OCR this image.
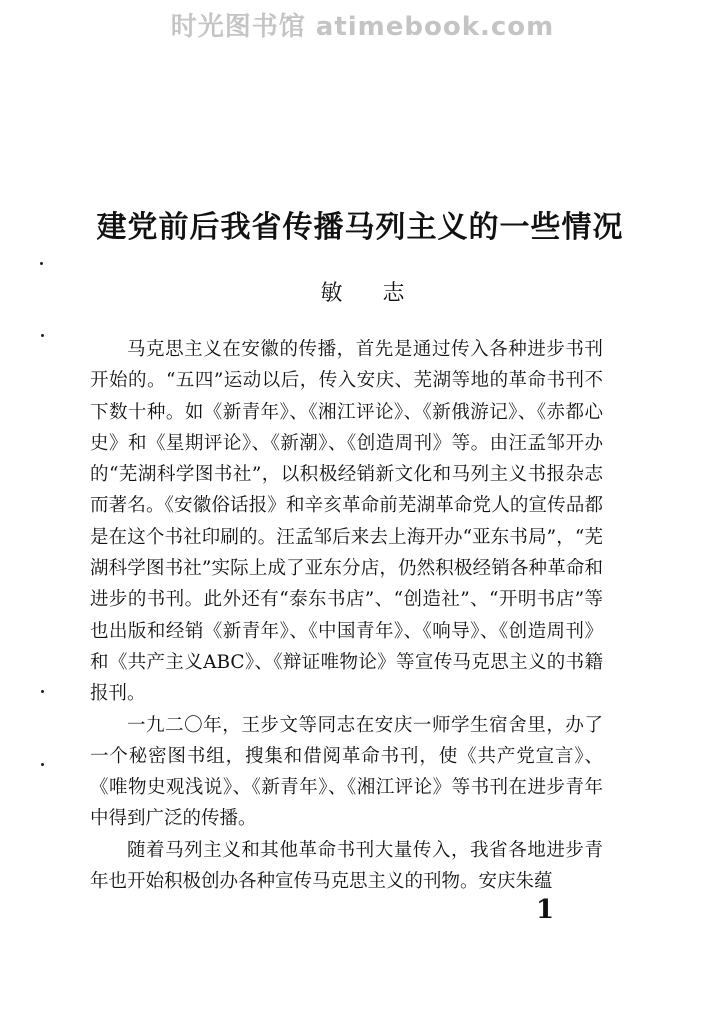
时光图书馆 atimebook.com
建党前后我省传播马列主义的一些情况
敏志

马克思主义在安徽的传播，首先是通过传入各种进步书刊开始的。“五四”运动以后，传入安庆、芜湖等地的革命书刊不下数十种。如《新青年》、《湘江评论》、《新俄游记》、《赤都心史》和《星期评论》、《新潮》、《创造周刊》等。由汪孟邹开办的“芜湖科学图书社”，以积极经销新文化和马列主义书报杂志而著名。《安徽俗话报》和辛亥革命前芜湖革命党人的宣传品都是在这个书社印刷的。汪孟邹后来去上海开办“亚东书局”，“芜湖科学图书社”实际上成了亚东分店，仍然积极经销各种革命和进步的书刊。此外还有“泰东书店”、“创造社”、“开明书店”等也出版和经销《新青年》、《中国青年》、《响导》、《创造周刊》和《共产主义ABC》、《辩证唯物论》等宣传马克思主义的书籍报刊。

一九二〇年，王步文等同志在安庆一师学生宿舍里，办了一个秘密图书组，搜集和借阅革命书刊，使《共产党宣言》、《唯物史观浅说》、《新青年》、《湘江评论》等书刊在进步青年中得到广泛的传播。

随着马列主义和其他革命书刊大量传入，我省各地进步青年也开始积极创办各种宣传马克思主义的刊物。安庆朱蕴

1
